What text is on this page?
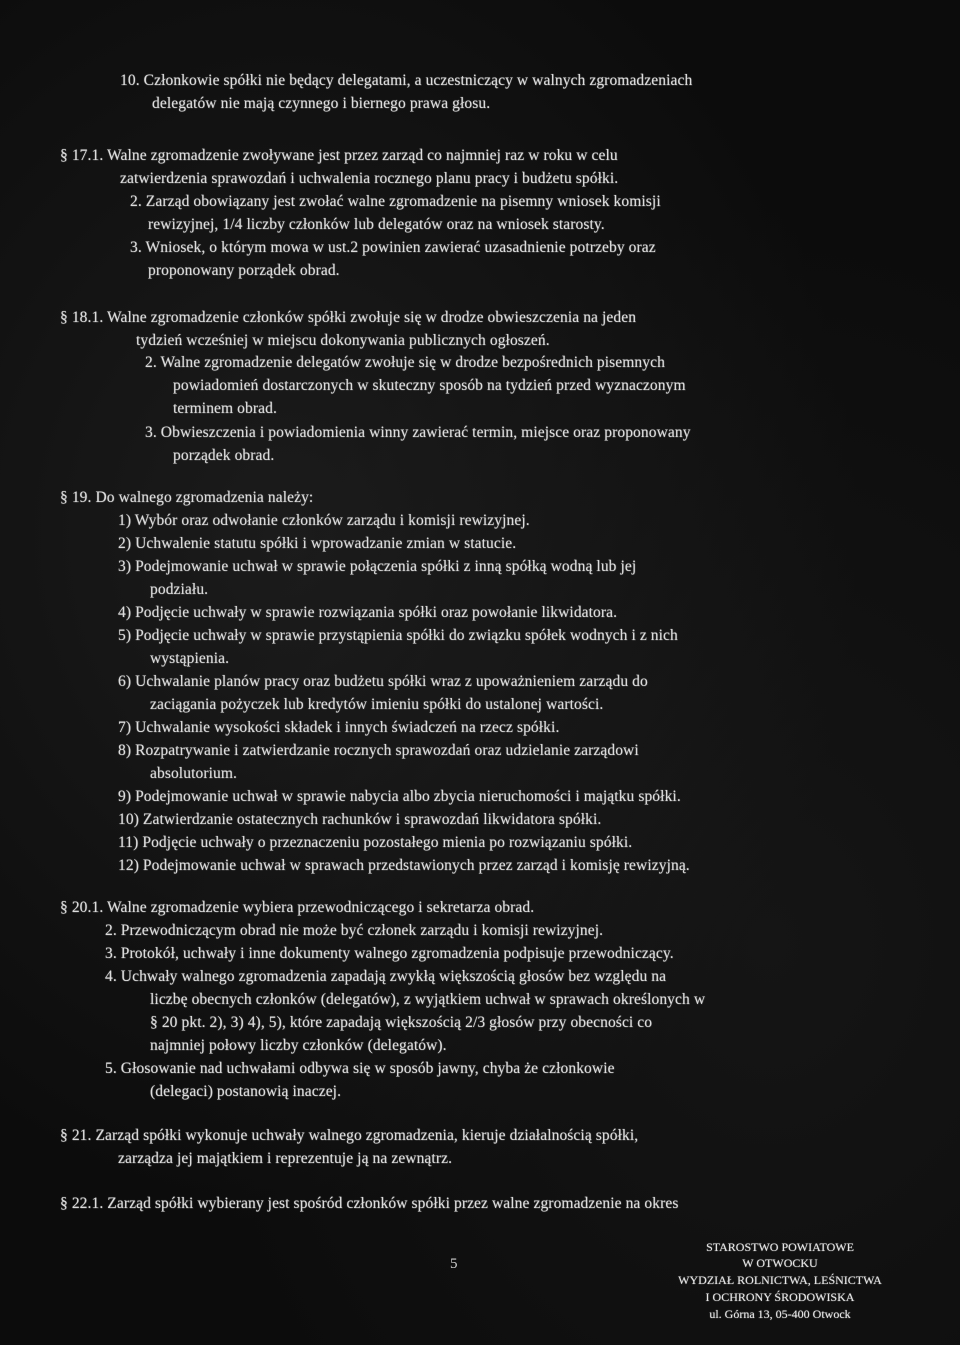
10. Członkowie spółki nie będący delegatami, a uczestniczący w walnych zgromadzeniach
delegatów nie mają czynnego i biernego prawa głosu.
§ 17.1. Walne zgromadzenie zwoływane jest przez zarząd co najmniej raz w roku w celu
zatwierdzenia sprawozdań i uchwalenia rocznego planu pracy i budżetu spółki.
2. Zarząd obowiązany jest zwołać walne zgromadzenie na pisemny wniosek komisji
rewizyjnej, 1/4 liczby członków lub delegatów oraz na wniosek starosty.
3. Wniosek, o którym mowa w ust.2 powinien zawierać uzasadnienie potrzeby oraz
proponowany porządek obrad.
§ 18.1. Walne zgromadzenie członków spółki zwołuje się w drodze obwieszczenia na jeden
tydzień wcześniej w miejscu dokonywania publicznych ogłoszeń.
2. Walne zgromadzenie delegatów zwołuje się w drodze bezpośrednich pisemnych
powiadomień dostarczonych w skuteczny sposób na tydzień przed wyznaczonym
terminem obrad.
3. Obwieszczenia i powiadomienia winny zawierać termin, miejsce oraz proponowany
porządek obrad.
§ 19. Do walnego zgromadzenia należy:
1) Wybór oraz odwołanie członków zarządu i komisji rewizyjnej.
2) Uchwalenie statutu spółki i wprowadzanie zmian w statucie.
3) Podejmowanie uchwał w sprawie połączenia spółki z inną spółką wodną lub jej
podziału.
4) Podjęcie uchwały w sprawie rozwiązania spółki oraz powołanie likwidatora.
5) Podjęcie uchwały w sprawie przystąpienia spółki do związku spółek wodnych i z nich
wystąpienia.
6) Uchwalanie planów pracy oraz budżetu spółki wraz z upoważnieniem zarządu do
zaciągania pożyczek lub kredytów imieniu spółki do ustalonej wartości.
7) Uchwalanie wysokości składek i innych świadczeń na rzecz spółki.
8) Rozpatrywanie i zatwierdzanie rocznych sprawozdań oraz udzielanie zarządowi
absolutorium.
9) Podejmowanie uchwał w sprawie nabycia albo zbycia nieruchomości i majątku spółki.
10) Zatwierdzanie ostatecznych rachunków i sprawozdań likwidatora spółki.
11) Podjęcie uchwały o przeznaczeniu pozostałego mienia po rozwiązaniu spółki.
12) Podejmowanie uchwał w sprawach przedstawionych przez zarząd i komisję rewizyjną.
§ 20.1. Walne zgromadzenie wybiera przewodniczącego i sekretarza obrad.
2. Przewodniczącym obrad nie może być członek zarządu i komisji rewizyjnej.
3. Protokół, uchwały i inne dokumenty walnego zgromadzenia podpisuje przewodniczący.
4. Uchwały walnego zgromadzenia zapadają zwykłą większością głosów bez względu na
liczbę obecnych członków (delegatów), z wyjątkiem uchwał w sprawach określonych w
§ 20 pkt. 2), 3) 4), 5), które zapadają większością 2/3 głosów przy obecności co
najmniej połowy liczby członków (delegatów).
5. Głosowanie nad uchwałami odbywa się w sposób jawny, chyba że członkowie
(delegaci) postanowią inaczej.
§ 21. Zarząd spółki wykonuje uchwały walnego zgromadzenia, kieruje działalnością spółki,
zarządza jej majątkiem i reprezentuje ją na zewnątrz.
§ 22.1. Zarząd spółki wybierany jest spośród członków spółki przez walne zgromadzenie na okres
5
STAROSTWO POWIATOWE
W OTWOCKU
WYDZIAŁ ROLNICTWA, LEŚNICTWA
I OCHRONY ŚRODOWISKA
ul. Górna 13, 05-400 Otwock
